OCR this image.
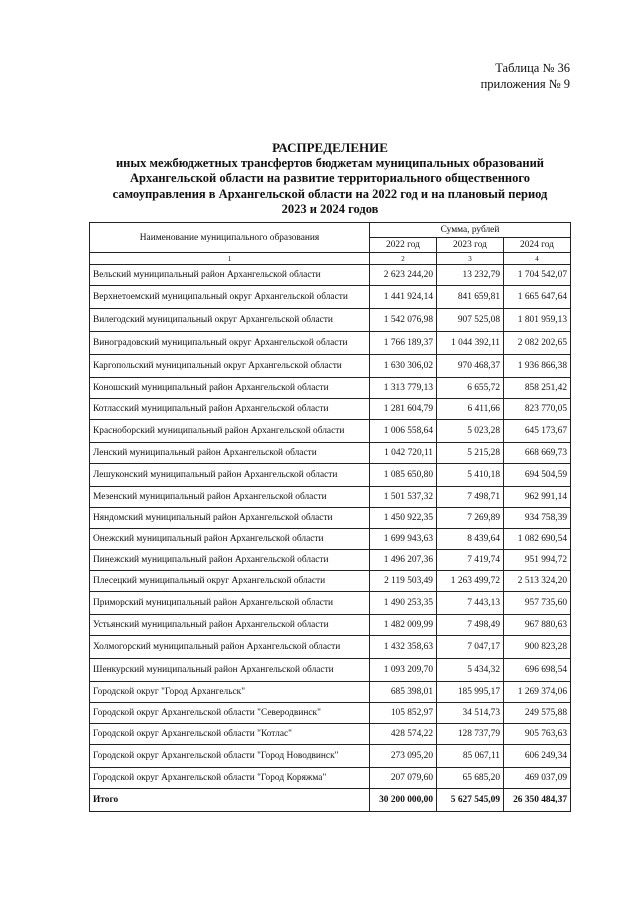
Таблица № 36
приложения № 9
РАСПРЕДЕЛЕНИЕ
иных межбюджетных трансфертов бюджетам муниципальных образований
Архангельской области на развитие территориального общественного
самоуправления в Архангельской области на 2022 год и на плановый период
2023 и 2024 годов
Наименование муниципального образования	Сумма, рублей		
	2022 год	2023 год	2024 год
1	2	3	4
Вельский муниципальный район Архангельской области	2 623 244,20	13 232,79	1 704 542,07
Верхнетоемский муниципальный округ Архангельской области	1 441 924,14	841 659,81	1 665 647,64
Вилегодский муниципальный округ Архангельской области	1 542 076,98	907 525,08	1 801 959,13
Виноградовский муниципальный округ Архангельской области	1 766 189,37	1 044 392,11	2 082 202,65
Каргопольский муниципальный округ Архангельской области	1 630 306,02	970 468,37	1 936 866,38
Коношский муниципальный район Архангельской области	1 313 779,13	6 655,72	858 251,42
Котласский муниципальный район Архангельской области	1 281 604,79	6 411,66	823 770,05
Красноборский муниципальный район Архангельской области	1 006 558,64	5 023,28	645 173,67
Ленский муниципальный район Архангельской области	1 042 720,11	5 215,28	668 669,73
Лешуконский муниципальный район Архангельской области	1 085 650,80	5 410,18	694 504,59
Мезенский муниципальный район Архангельской области	1 501 537,32	7 498,71	962 991,14
Няндомский муниципальный район Архангельской области	1 450 922,35	7 269,89	934 758,39
Онежский муниципальный район Архангельской области	1 699 943,63	8 439,64	1 082 690,54
Пинежский муниципальный район Архангельской области	1 496 207,36	7 419,74	951 994,72
Плесецкий муниципальный округ Архангельской области	2 119 503,49	1 263 499,72	2 513 324,20
Приморский муниципальный район Архангельской области	1 490 253,35	7 443,13	957 735,60
Устьянский муниципальный район Архангельской области	1 482 009,99	7 498,49	967 880,63
Холмогорский муниципальный район Архангельской области	1 432 358,63	7 047,17	900 823,28
Шенкурский муниципальный район Архангельской области	1 093 209,70	5 434,32	696 698,54
Городской округ "Город Архангельск"	685 398,01	185 995,17	1 269 374,06
Городской округ Архангельской области "Северодвинск"	105 852,97	34 514,73	249 575,88
Городской округ Архангельской области "Котлас"	428 574,22	128 737,79	905 763,63
Городской округ Архангельской области "Город Новодвинск"	273 095,20	85 067,11	606 249,34
Городской округ Архангельской области "Город Коряжма"	207 079,60	65 685,20	469 037,09
Итого	30 200 000,00	5 627 545,09	26 350 484,37
